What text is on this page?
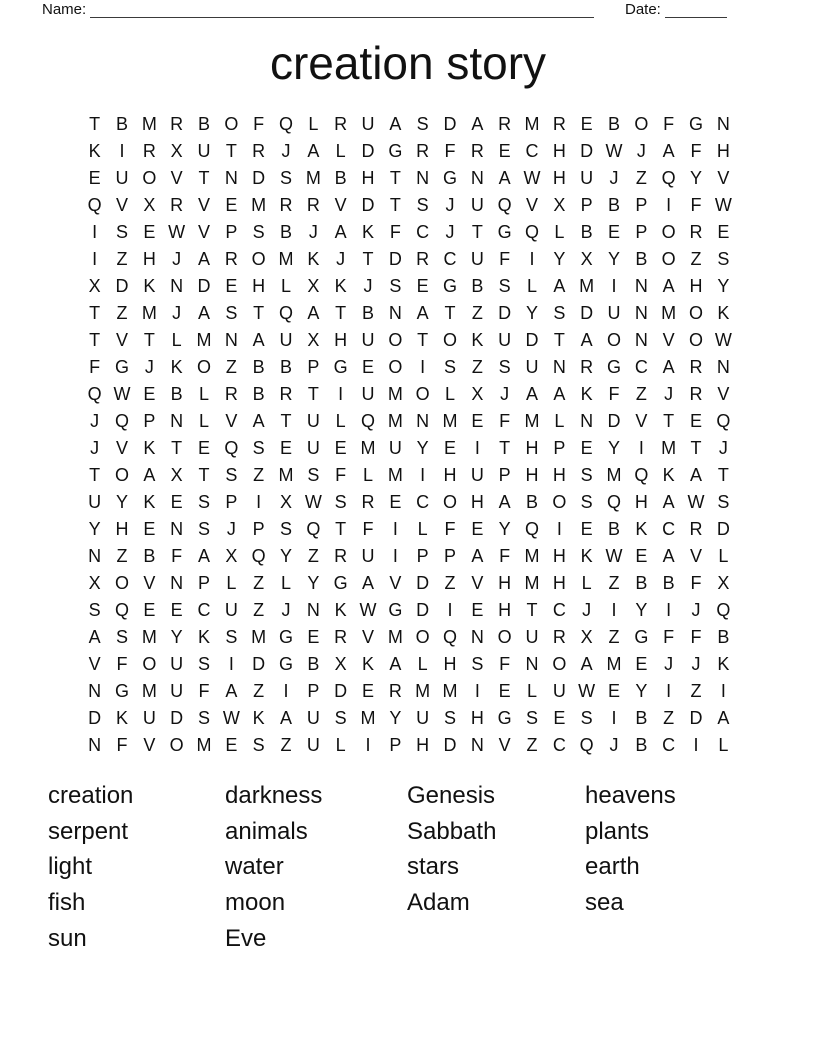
Name:	Date:
creation story
T B M R B O F Q L R U A S D A R M R E B O F G N
K	I	R X U T R J A L D G R F R E C H D W J A F H
E U O V T N D S M B H T N G N A W H U J Z Q Y V
Q V X R V E M R R V D T S J U Q V X P B P	I	F W
I	S E W V P S B J A K F C J T G Q L B E P O R E
I	Z H J A R O M K J T D R C U F	I	Y X Y B O Z S
X D K N D E H L X K J S E G B S L A M I	N A H Y
T Z M J A S T Q A T B N A T Z D Y S D U N M O K
T V T L M N A U X H U O T O K U D T A O N V O W
F G J K O Z B B P G E O I	S Z S U N R G C A R N
Q W E B L R B R T	I	U M O L X J A A K F Z J R V
J Q P N L V A T U L Q M N M E F M L N D V T E Q
J V K T E Q S E U E M U Y E	I	T H P E Y	I M T J
T O A X T S Z M S F L M I	H U P H H S M Q K A T
U Y K E S P	I	X W S R E C O H A B O S Q H A W S
Y H E N S J P S Q T F	I	L F E Y Q I	E B K C R D
N Z B F A X Q Y Z R U	I	P P A F M H K W E A V L
X O V N P L Z L Y G A V D Z V H M H L Z B B F X
S Q E E C U Z J N K W G D	I	E H T C J	I	Y	I	J Q
A S M Y K S M G E R V M O Q N O U R X Z G F F B
V F O U S	I	D G B X K A L H S F N O A M E J	J K
N G M U F A Z	I	P D E R M M I	E L U W E Y	I	Z	I
D K U D S W K A U S M Y U S H G S E S	I	B Z D A
N F V O M E S Z U L	I	P H D N V Z C Q J B C	I	L
creation
serpent
light
fish
sun
darkness
animals
water
moon
Eve
Genesis
Sabbath
stars
Adam
heavens
plants
earth
sea
